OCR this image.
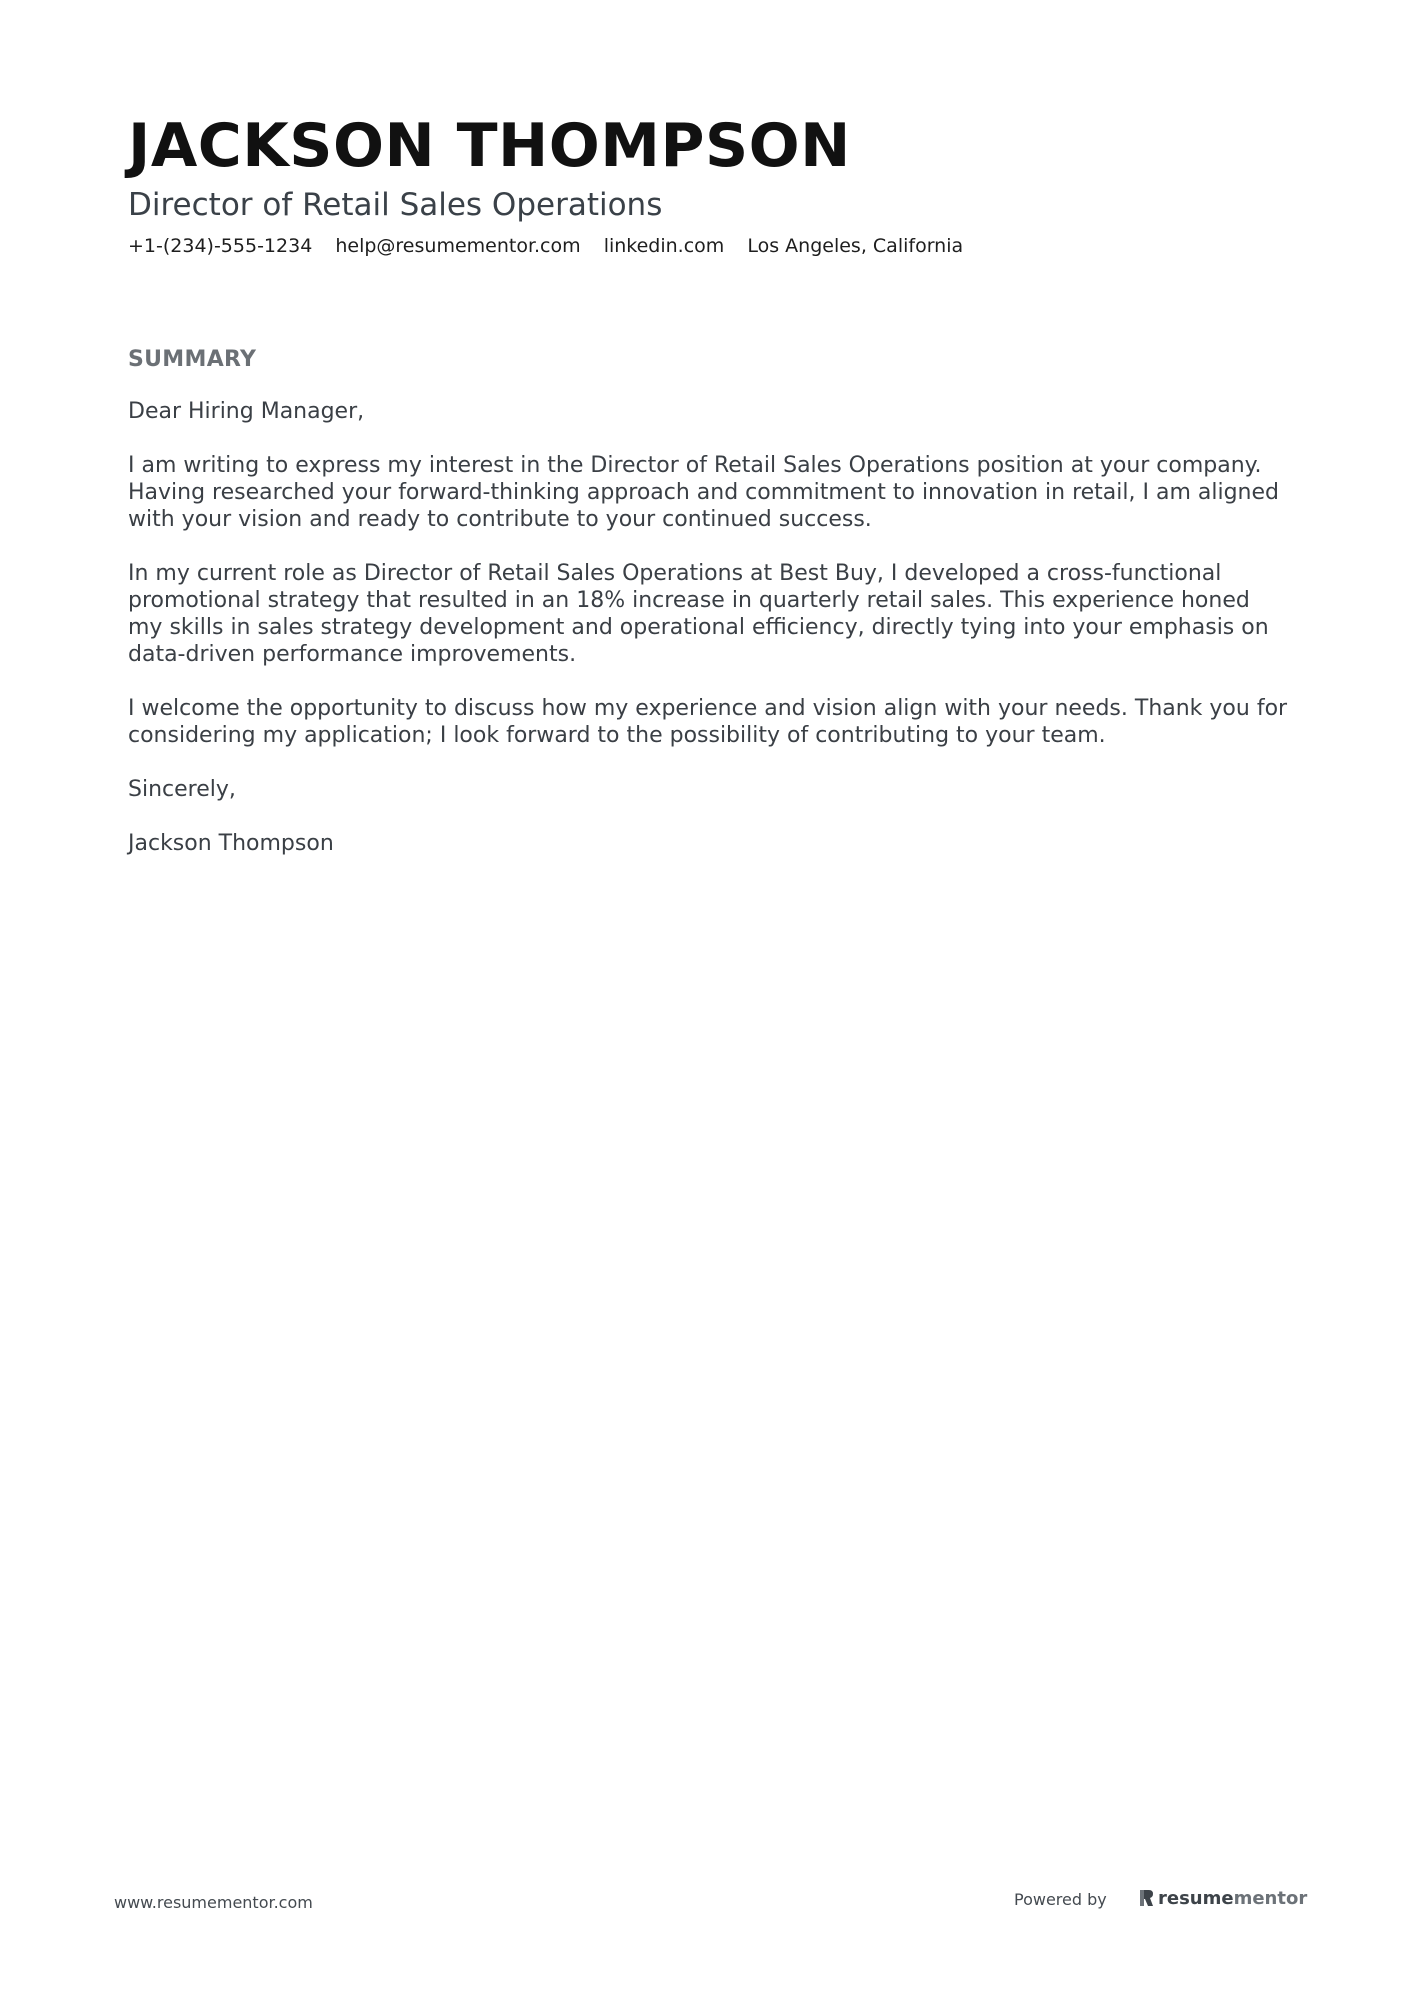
JACKSON THOMPSON
Director of Retail Sales Operations
+1-(234)-555-1234 help@resumementor.com linkedin.com Los Angeles, California
SUMMARY

Dear Hiring Manager,

I am writing to express my interest in the Director of Retail Sales Operations position at your company. Having researched your forward-thinking approach and commitment to innovation in retail, I am aligned with your vision and ready to contribute to your continued success.

In my current role as Director of Retail Sales Operations at Best Buy, I developed a cross-functional promotional strategy that resulted in an 18% increase in quarterly retail sales. This experience honed my skills in sales strategy development and operational efficiency, directly tying into your emphasis on data-driven performance improvements.

I welcome the opportunity to discuss how my experience and vision align with your needs. Thank you for considering my application; I look forward to the possibility of contributing to your team.

Sincerely,

Jackson Thompson

www.resumementor.com	Powered by	resume mentor
